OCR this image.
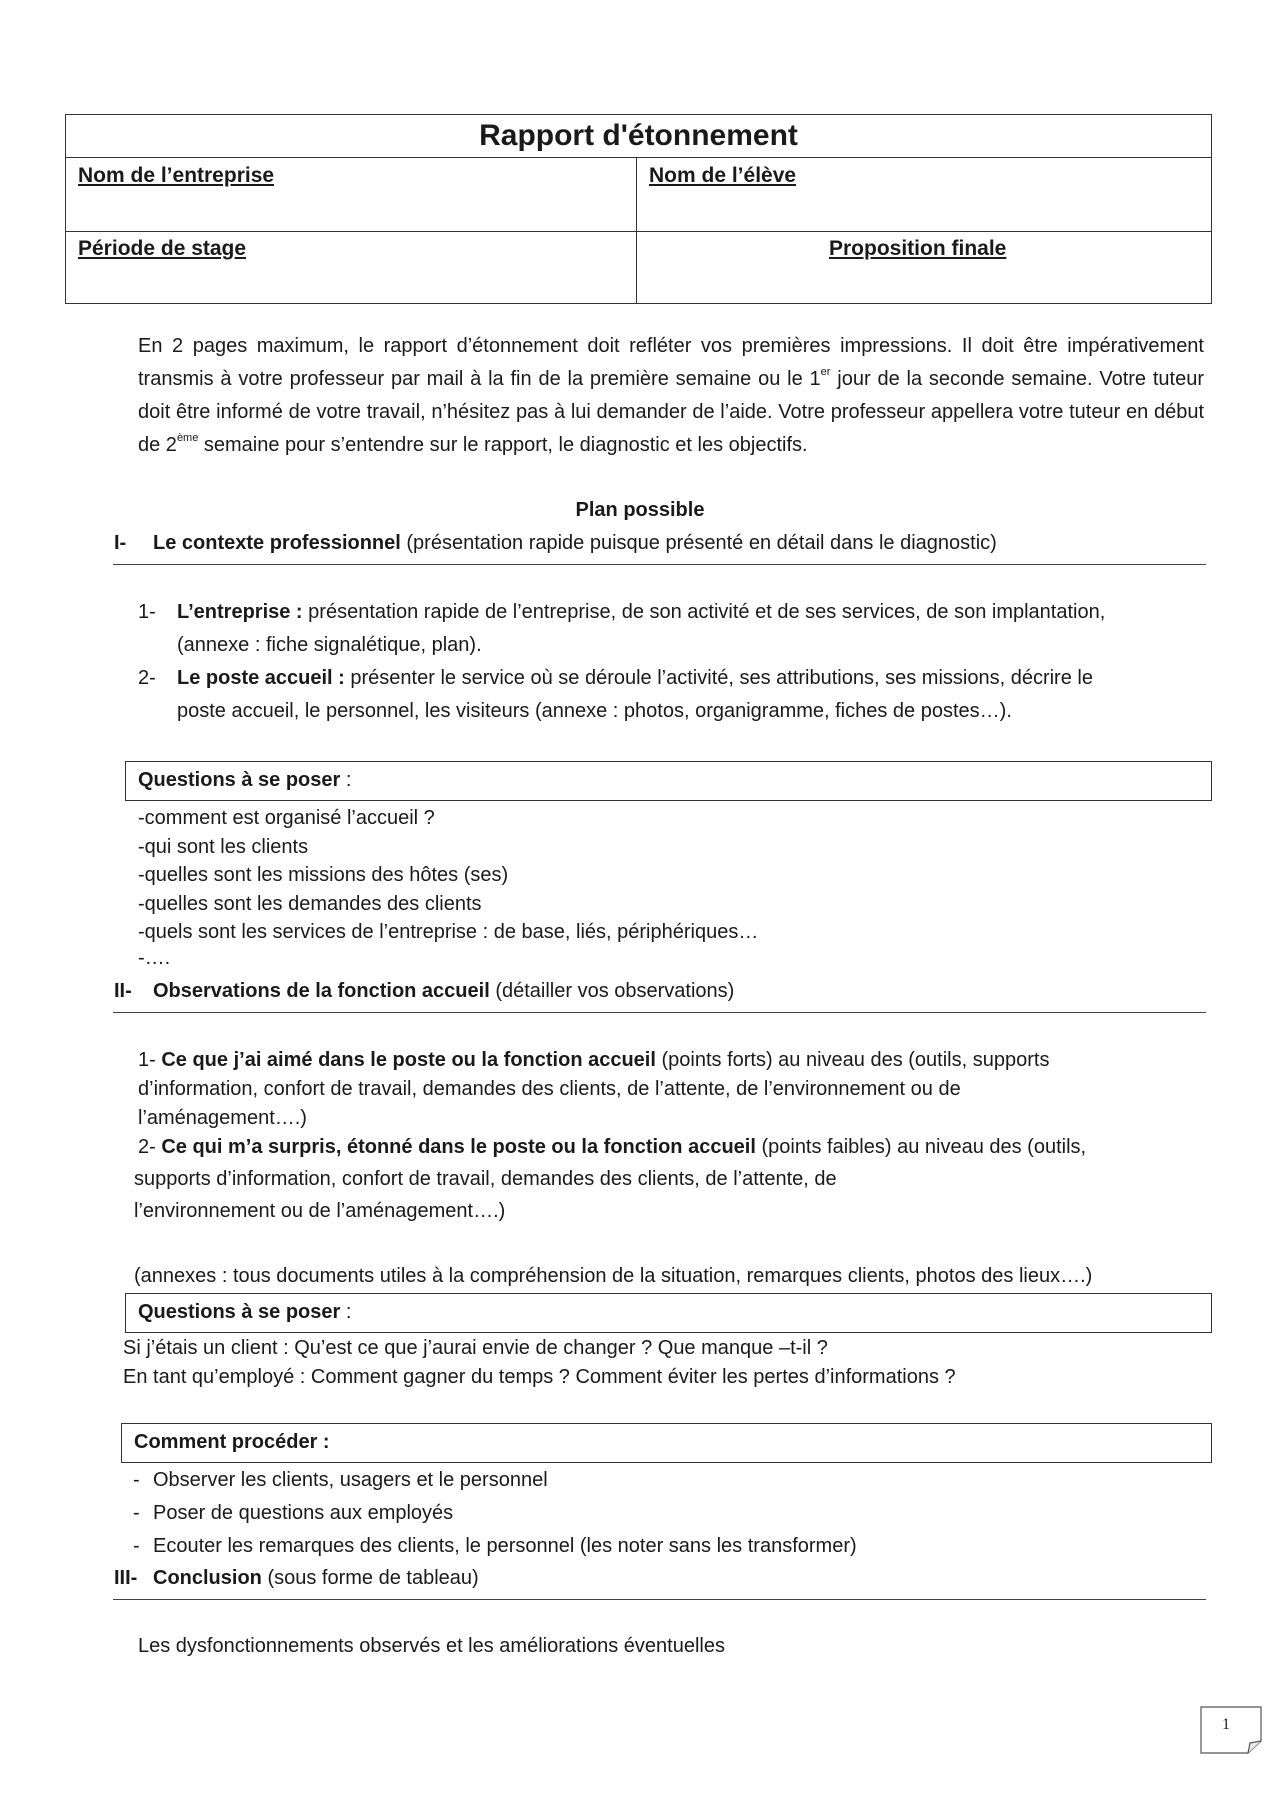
Rapport d'étonnement
Nom de l’entreprise	Nom de l’élève
Période de stage	Proposition finale
En 2 pages maximum, le rapport d’étonnement doit refléter vos premières impressions. Il doit être impérativement transmis à votre professeur par mail à la fin de la première semaine ou le 1er jour de la seconde semaine. Votre tuteur doit être informé de votre travail, n’hésitez pas à lui demander de l’aide. Votre professeur appellera votre tuteur en début de 2ème semaine pour s’entendre sur le rapport, le diagnostic et les objectifs.
Plan possible
I- Le contexte professionnel (présentation rapide puisque présenté en détail dans le diagnostic)
1- L’entreprise : présentation rapide de l’entreprise, de son activité et de ses services, de son implantation,
(annexe : fiche signalétique, plan).
2- Le poste accueil : présenter le service où se déroule l’activité, ses attributions, ses missions, décrire le
poste accueil, le personnel, les visiteurs (annexe : photos, organigramme, fiches de postes…).
Questions à se poser :
-comment est organisé l’accueil ?
-qui sont les clients
-quelles sont les missions des hôtes (ses)
-quelles sont les demandes des clients
-quels sont les services de l’entreprise : de base, liés, périphériques…
-….
II- Observations de la fonction accueil (détailler vos observations)
1- Ce que j’ai aimé dans le poste ou la fonction accueil (points forts) au niveau des (outils, supports
d’information, confort de travail, demandes des clients, de l’attente, de l’environnement ou de
l’aménagement….)
2- Ce qui m’a surpris, étonné dans le poste ou la fonction accueil (points faibles) au niveau des (outils,
supports d’information, confort de travail, demandes des clients, de l’attente, de
l’environnement ou de l’aménagement….)
(annexes : tous documents utiles à la compréhension de la situation, remarques clients, photos des lieux….)
Questions à se poser :
Si j’étais un client : Qu’est ce que j’aurai envie de changer ? Que manque –t-il ?
En tant qu’employé : Comment gagner du temps ? Comment éviter les pertes d’informations ?
Comment procéder :
- Observer les clients, usagers et le personnel
- Poser de questions aux employés
- Ecouter les remarques des clients, le personnel (les noter sans les transformer)
III- Conclusion (sous forme de tableau)
Les dysfonctionnements observés et les améliorations éventuelles
1
